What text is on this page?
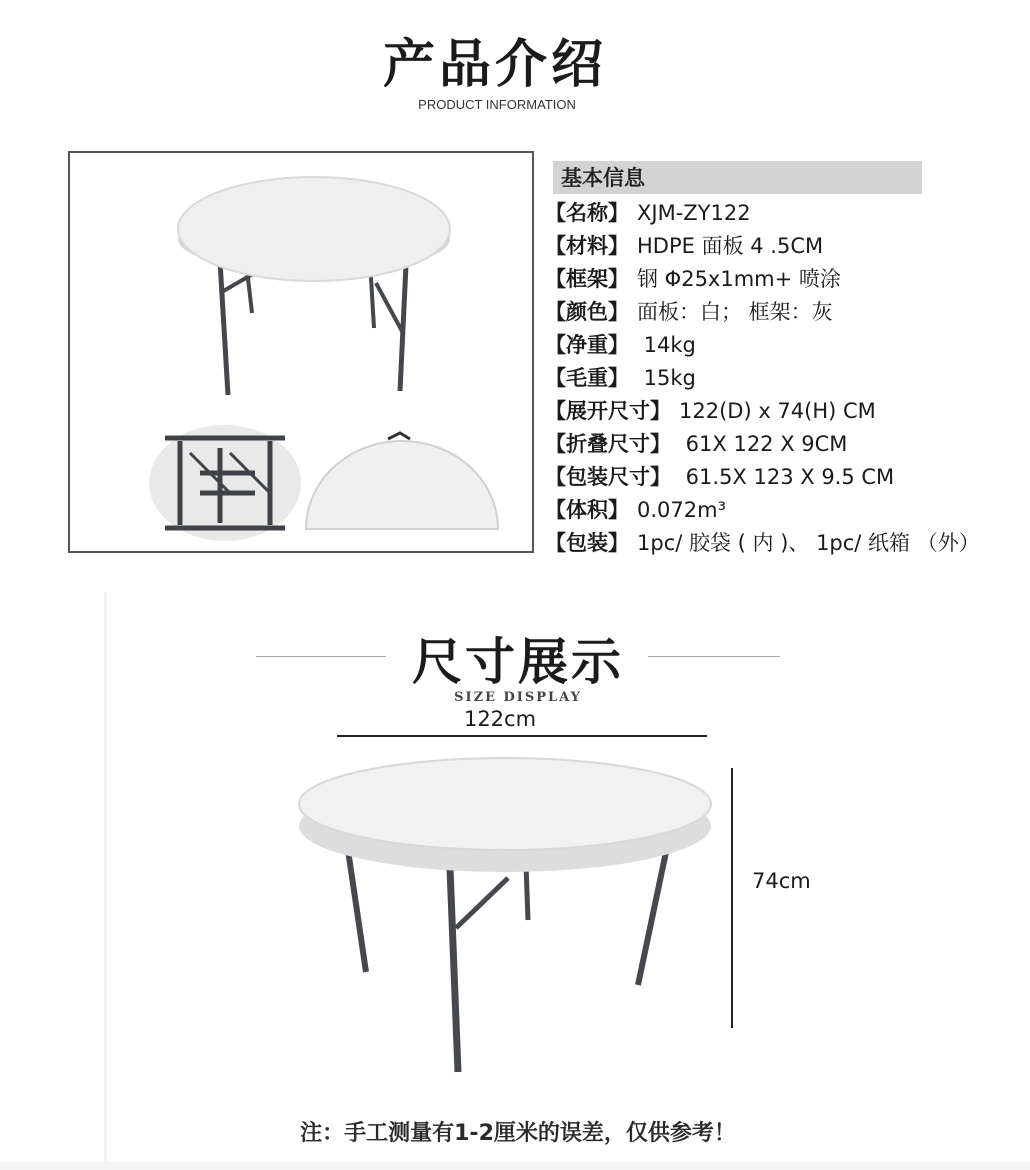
产品介绍
PRODUCT INFORMATION
基本信息
【名称】 XJM-ZY122
【材料】 HDPE 面板 4 .5CM
【框架】 钢 Φ25x1mm+ 喷涂
【颜色】 面板：白； 框架：灰
【净重】 14kg
【毛重】 15kg
【展开尺寸】 122(D) x 74(H) CM
【折叠尺寸】 61X 122 X 9CM
【包装尺寸】 61.5X 123 X 9.5 CM
【体积】 0.072m³
【包装】 1pc/ 胶袋 ( 内 )、 1pc/ 纸箱 （外）
尺寸展示
SIZE DISPLAY
122cm
74cm
注：手工测量有1-2厘米的误差，仅供参考！
